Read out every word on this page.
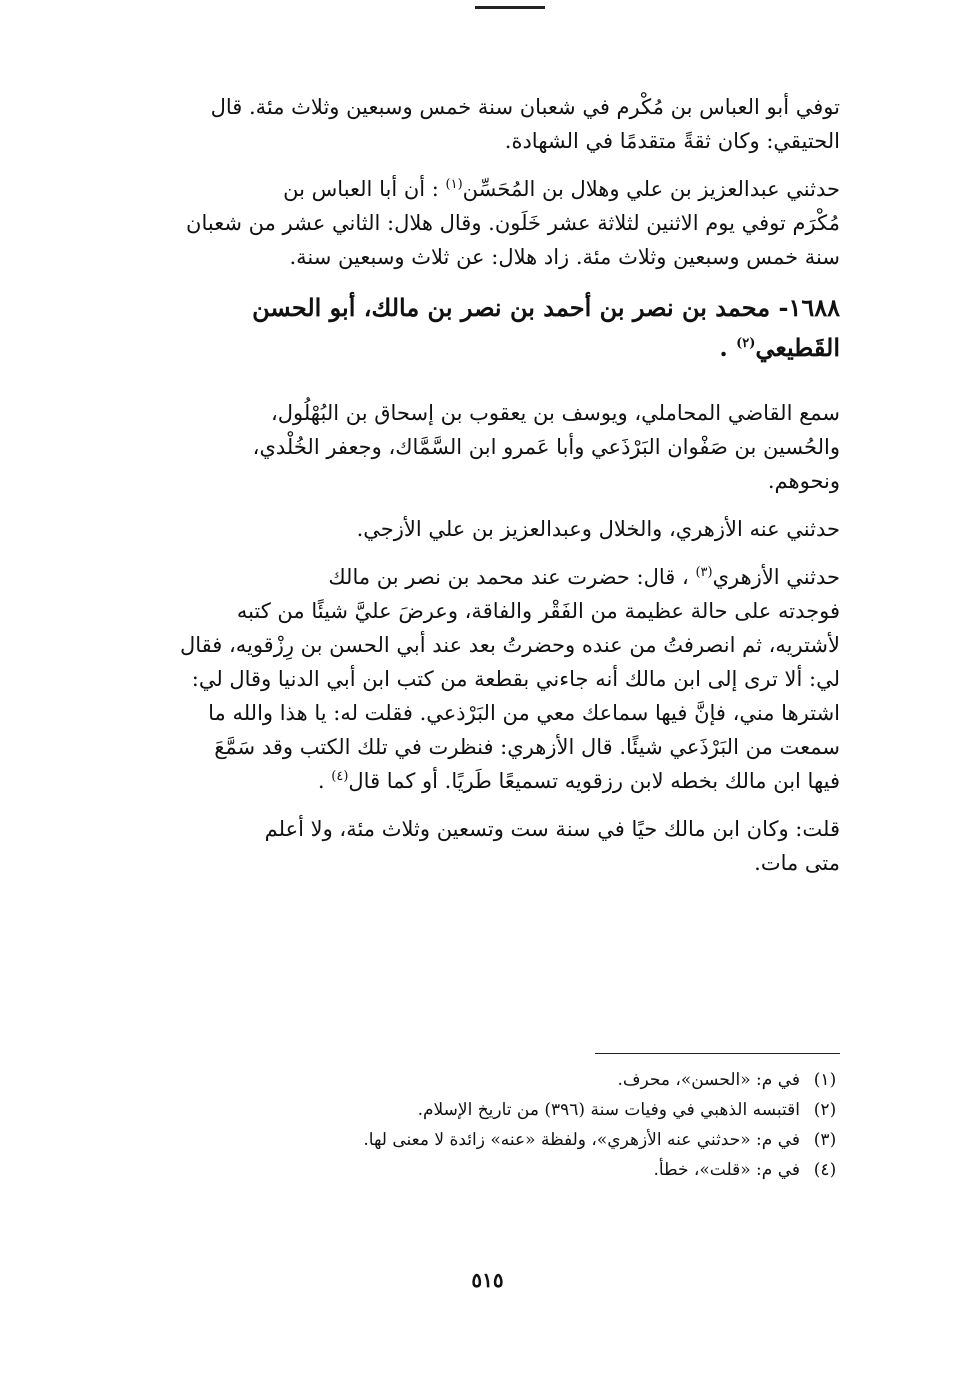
توفي أبو العباس بن مُكْرم في شعبان سنة خمس وسبعين وثلاث مئة. قال
الحتيقي: وكان ثقةً متقدمًا في الشهادة.
حدثني عبدالعزيز بن علي وهلال بن المُحَسِّن$^{(١)}$ : أن أبا العباس بن
مُكْرَم توفي يوم الاثنين لثلاثة عشر خَلَون. وقال هلال: الثاني عشر من شعبان
سنة خمس وسبعين وثلاث مئة. زاد هلال: عن ثلاث وسبعين سنة.
١٦٨٨- محمد بن نصر بن أحمد بن نصر بن مالك، أبو الحسن
القَطيعي$^{(٢)}$ .
سمع القاضي المحاملي، ويوسف بن يعقوب بن إسحاق بن البُهْلُول،
والحُسين بن صَفْوان البَرْذَعي وأبا عَمرو ابن السَّمَّاك، وجعفر الخُلْدي،
ونحوهم.
حدثني عنه الأزهري، والخلال وعبدالعزيز بن علي الأزجي.
حدثني الأزهري$^{(٣)}$ ، قال: حضرت عند محمد بن نصر بن مالك
فوجدته على حالة عظيمة من الفَقْر والفاقة، وعرضَ عليَّ شيئًا من كتبه
لأشتريه، ثم انصرفتُ من عنده وحضرتُ بعد عند أبي الحسن بن رِزْقويه، فقال
لي: ألا ترى إلى ابن مالك أنه جاءني بقطعة من كتب ابن أبي الدنيا وقال لي:
اشترها مني، فإنَّ فيها سماعك معي من البَرْذعي. فقلت له: يا هذا والله ما
سمعت من البَرْذَعي شيئًا. قال الأزهري: فنظرت في تلك الكتب وقد سَمَّعَ
فيها ابن مالك بخطه لابن رزقويه تسميعًا طَريًا. أو كما قال$^{(٤)}$ .
قلت: وكان ابن مالك حيًا في سنة ست وتسعين وثلاث مئة، ولا أعلم
متى مات.
(١)
في م: «الحسن»، محرف.
(٢)
اقتبسه الذهبي في وفيات سنة (٣٩٦) من تاريخ الإسلام.
(٣)
في م: «حدثني عنه الأزهري»، ولفظة «عنه» زائدة لا معنى لها.
(٤)
في م: «قلت»، خطأ.
٥١٥
